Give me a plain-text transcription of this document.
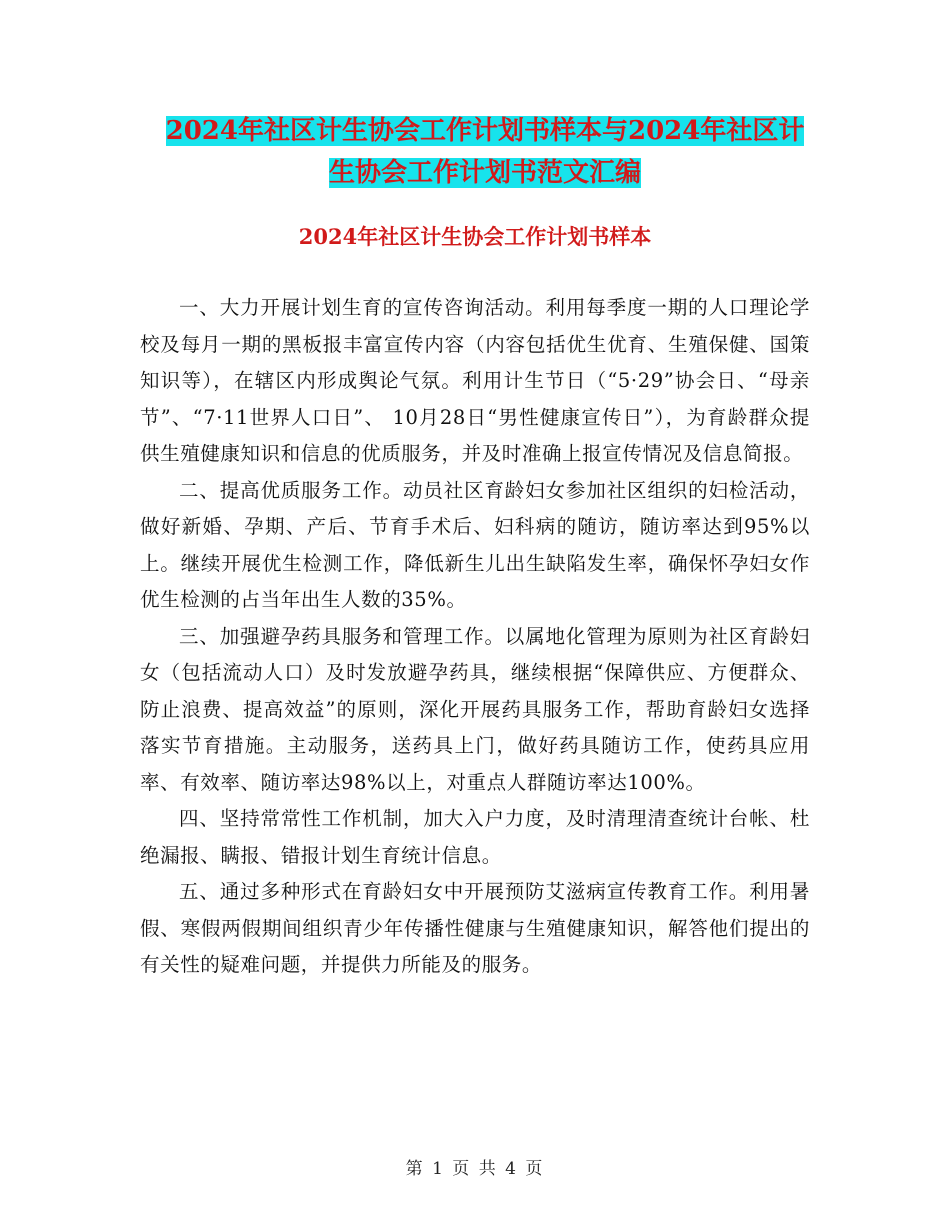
2024年社区计生协会工作计划书样本与2024年社区计
生协会工作计划书范文汇编
2024年社区计生协会工作计划书样本

一、大力开展计划生育的宣传咨询活动。利用每季度一期的人口理论学校及每月一期的黑板报丰富宣传内容（内容包括优生优育、生殖保健、国策知识等），在辖区内形成舆论气氛。利用计生节日（“5·29”协会日、“母亲节”、“7·11世界人口日”、 10月28日“男性健康宣传日”），为育龄群众提供生殖健康知识和信息的优质服务，并及时准确上报宣传情况及信息简报。

二、提高优质服务工作。动员社区育龄妇女参加社区组织的妇检活动，做好新婚、孕期、产后、节育手术后、妇科病的随访，随访率达到95%以上。继续开展优生检测工作，降低新生儿出生缺陷发生率，确保怀孕妇女作优生检测的占当年出生人数的35%。

三、加强避孕药具服务和管理工作。以属地化管理为原则为社区育龄妇女（包括流动人口）及时发放避孕药具，继续根据“保障供应、方便群众、防止浪费、提高效益”的原则，深化开展药具服务工作，帮助育龄妇女选择落实节育措施。主动服务，送药具上门，做好药具随访工作，使药具应用率、有效率、随访率达98%以上，对重点人群随访率达100%。

四、坚持常常性工作机制，加大入户力度，及时清理清查统计台帐、杜绝漏报、瞒报、错报计划生育统计信息。

五、通过多种形式在育龄妇女中开展预防艾滋病宣传教育工作。利用暑假、寒假两假期间组织青少年传播性健康与生殖健康知识，解答他们提出的有关性的疑难问题，并提供力所能及的服务。

第 1 页 共 4 页
